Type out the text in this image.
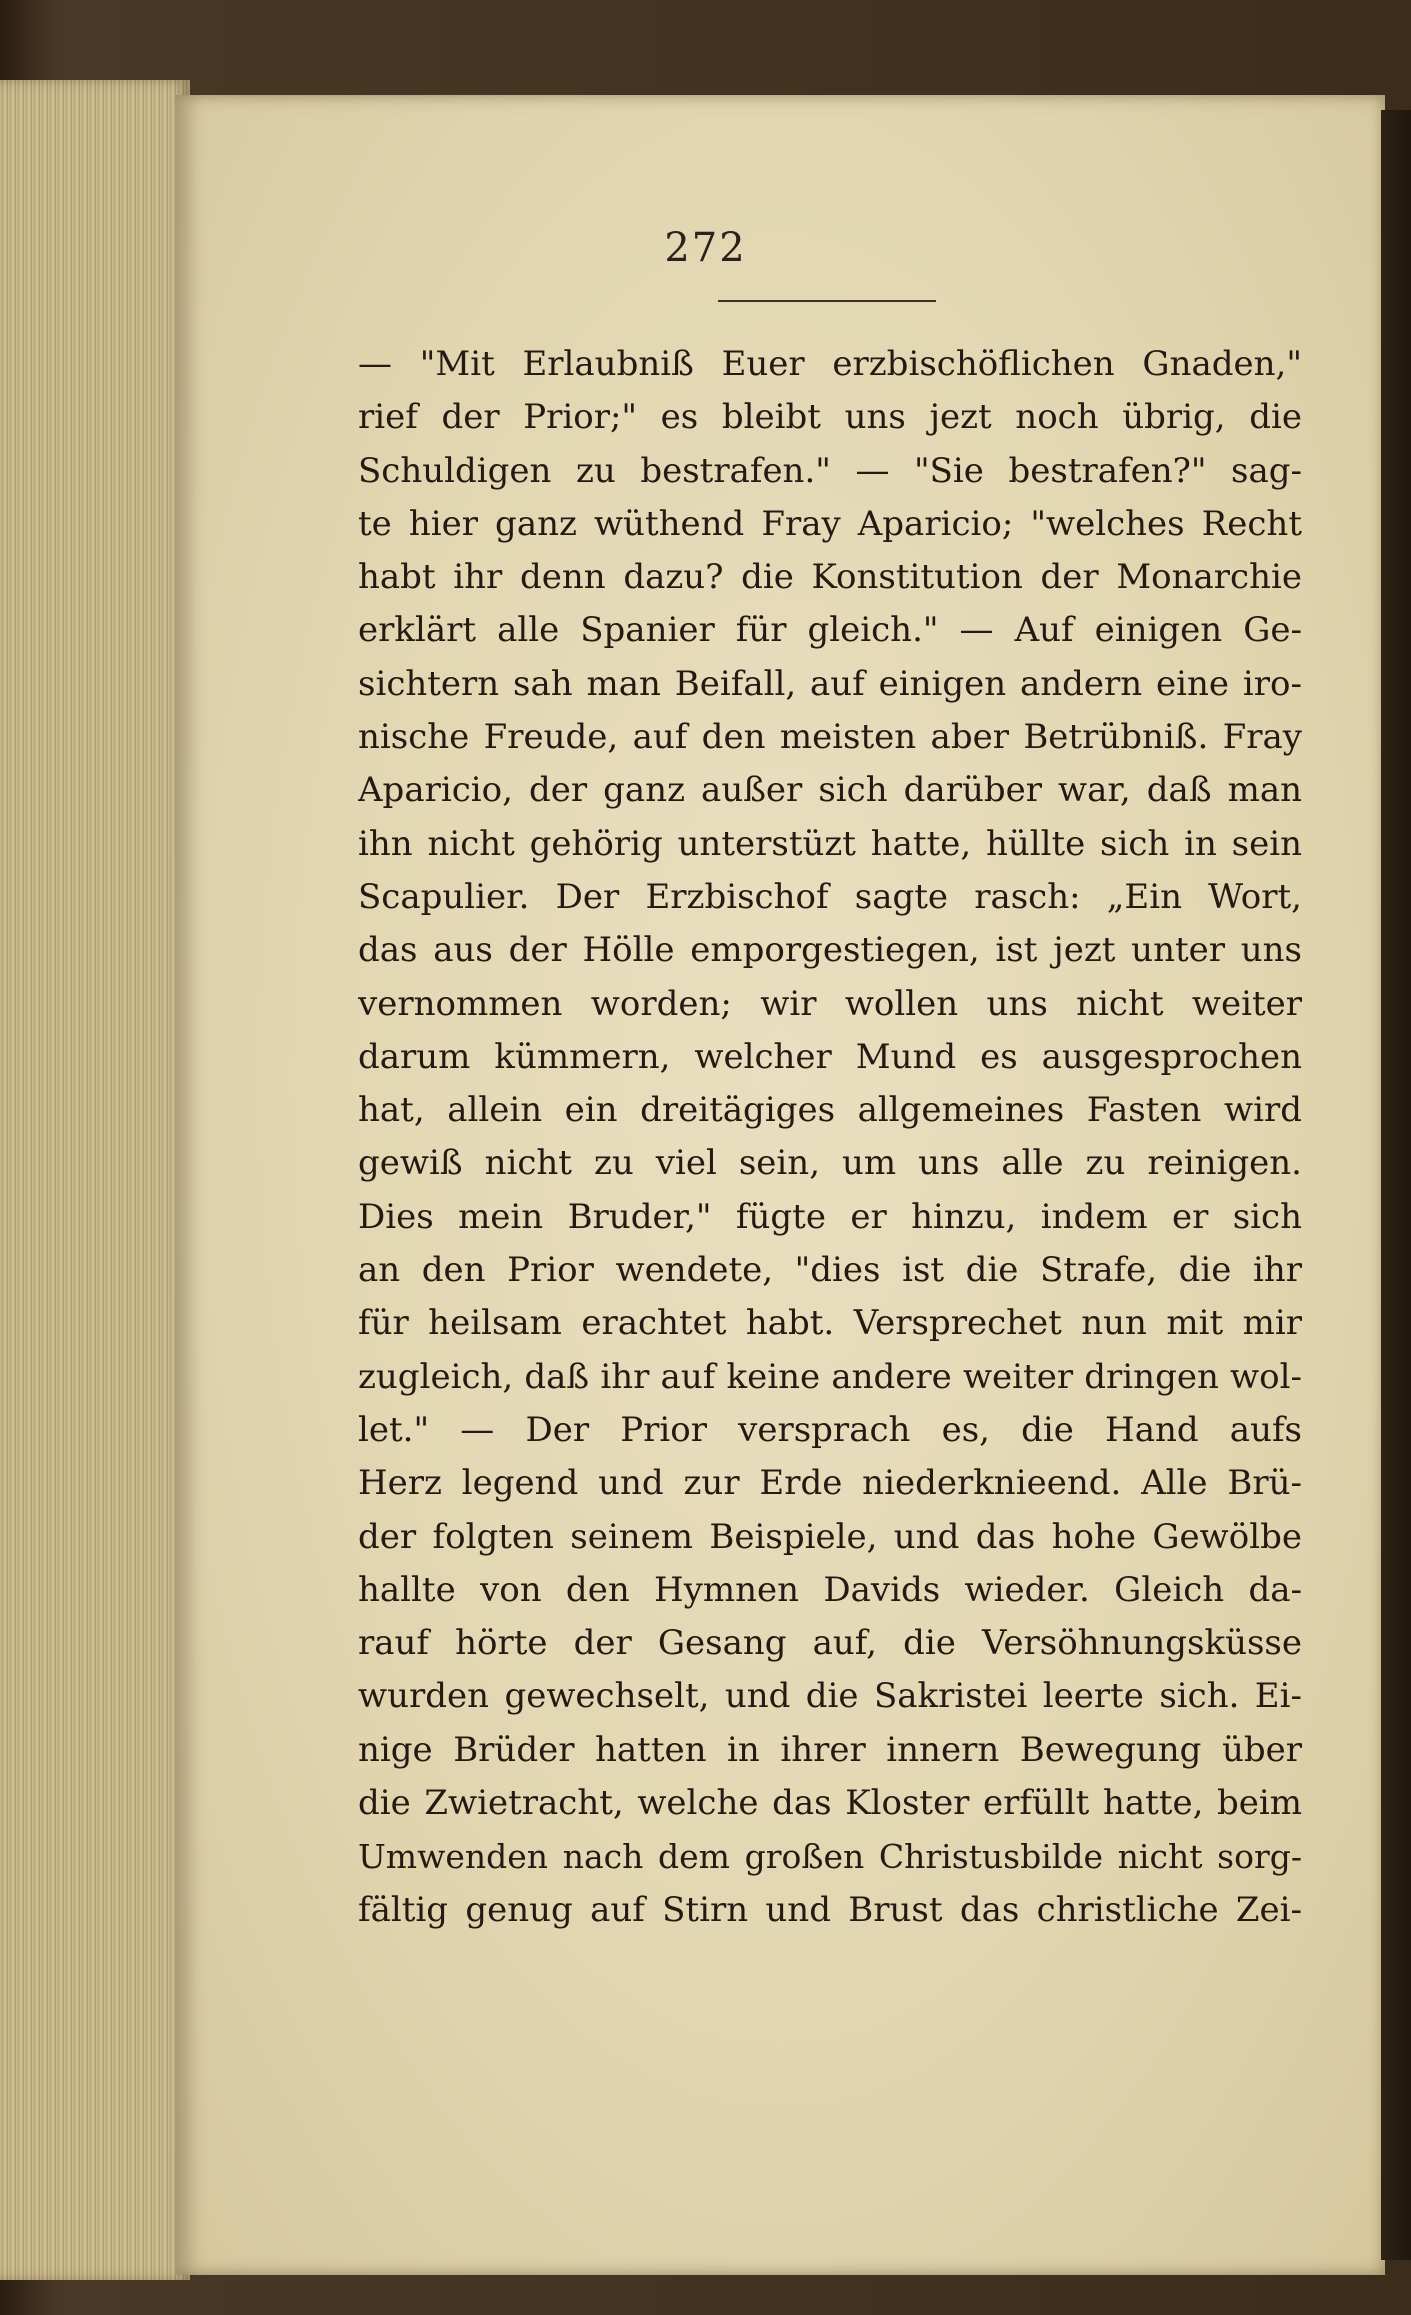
272
— "Mit Erlaubniß Euer erzbischöflichen Gnaden,"
rief der Prior;" es bleibt uns jezt noch übrig, die
Schuldigen zu bestrafen." — "Sie bestrafen?" sag-
te hier ganz wüthend Fray Aparicio; "welches Recht
habt ihr denn dazu? die Konstitution der Monarchie
erklärt alle Spanier für gleich." — Auf einigen Ge-
sichtern sah man Beifall, auf einigen andern eine iro-
nische Freude, auf den meisten aber Betrübniß. Fray
Aparicio, der ganz außer sich darüber war, daß man
ihn nicht gehörig unterstüzt hatte, hüllte sich in sein
Scapulier. Der Erzbischof sagte rasch: „Ein Wort,
das aus der Hölle emporgestiegen, ist jezt unter uns
vernommen worden; wir wollen uns nicht weiter
darum kümmern, welcher Mund es ausgesprochen
hat, allein ein dreitägiges allgemeines Fasten wird
gewiß nicht zu viel sein, um uns alle zu reinigen.
Dies mein Bruder," fügte er hinzu, indem er sich
an den Prior wendete, "dies ist die Strafe, die ihr
für heilsam erachtet habt. Versprechet nun mit mir
zugleich, daß ihr auf keine andere weiter dringen wol-
let." — Der Prior versprach es, die Hand aufs
Herz legend und zur Erde niederknieend. Alle Brü-
der folgten seinem Beispiele, und das hohe Gewölbe
hallte von den Hymnen Davids wieder. Gleich da-
rauf hörte der Gesang auf, die Versöhnungsküsse
wurden gewechselt, und die Sakristei leerte sich. Ei-
nige Brüder hatten in ihrer innern Bewegung über
die Zwietracht, welche das Kloster erfüllt hatte, beim
Umwenden nach dem großen Christusbilde nicht sorg-
fältig genug auf Stirn und Brust das christliche Zei-
